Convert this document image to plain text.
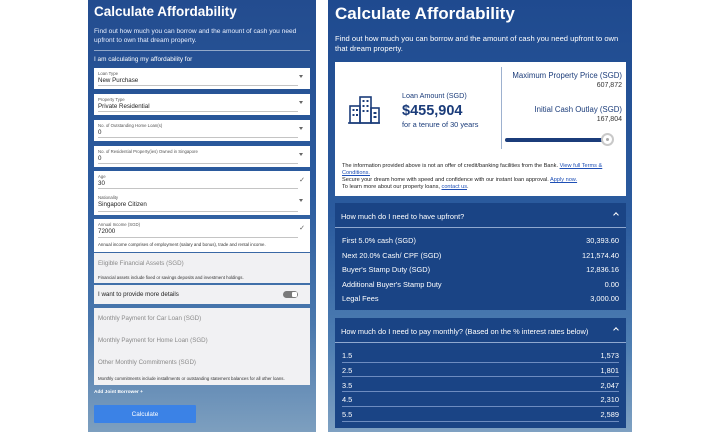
Calculate Affordability
Find out how much you can borrow and the amount of cash you need upfront to own that dream property.
I am calculating my affordability for
Loan Type
New Purchase
Property Type
Private Residential
No. of Outstanding Home Loan(s)
0
No. of Residential Property(ies) Owned in Singapore
0
Age
30	✓
Nationality
Singapore Citizen
Annual Income (SGD)
72000	✓
Annual income comprises of employment (salary and bonus), trade and rental income.
Eligible Financial Assets (SGD)
Financial assets include fixed or savings deposits and investment holdings.
I want to provide more details
Monthly Payment for Car Loan (SGD)
Monthly Payment for Home Loan (SGD)
Other Monthly Commitments (SGD)
Monthly commitments include installments or outstanding statement balances for all other loans.
Add Joint Borrower +
Calculate
Calculate Affordability
Find out how much you can borrow and the amount of cash you need upfront to own that dream property.
Loan Amount (SGD)
$455,904
for a tenure of 30 years
Maximum Property Price (SGD)
607,872
Initial Cash Outlay (SGD)
167,804
The information provided above is not an offer of credit/banking facilities from the Bank. View full Terms & Conditions.
Secure your dream home with speed and confidence with our instant loan approval. Apply now.
To learn more about our property loans, contact us.
How much do I need to have upfront?
First 5.0% cash (SGD)	30,393.60
Next 20.0% Cash/ CPF (SGD)	121,574.40
Buyer's Stamp Duty (SGD)	12,836.16
Additional Buyer's Stamp Duty	0.00
Legal Fees	3,000.00
How much do I need to pay monthly? (Based on the % interest rates below)
1.5	1,573
2.5	1,801
3.5	2,047
4.5	2,310
5.5	2,589
